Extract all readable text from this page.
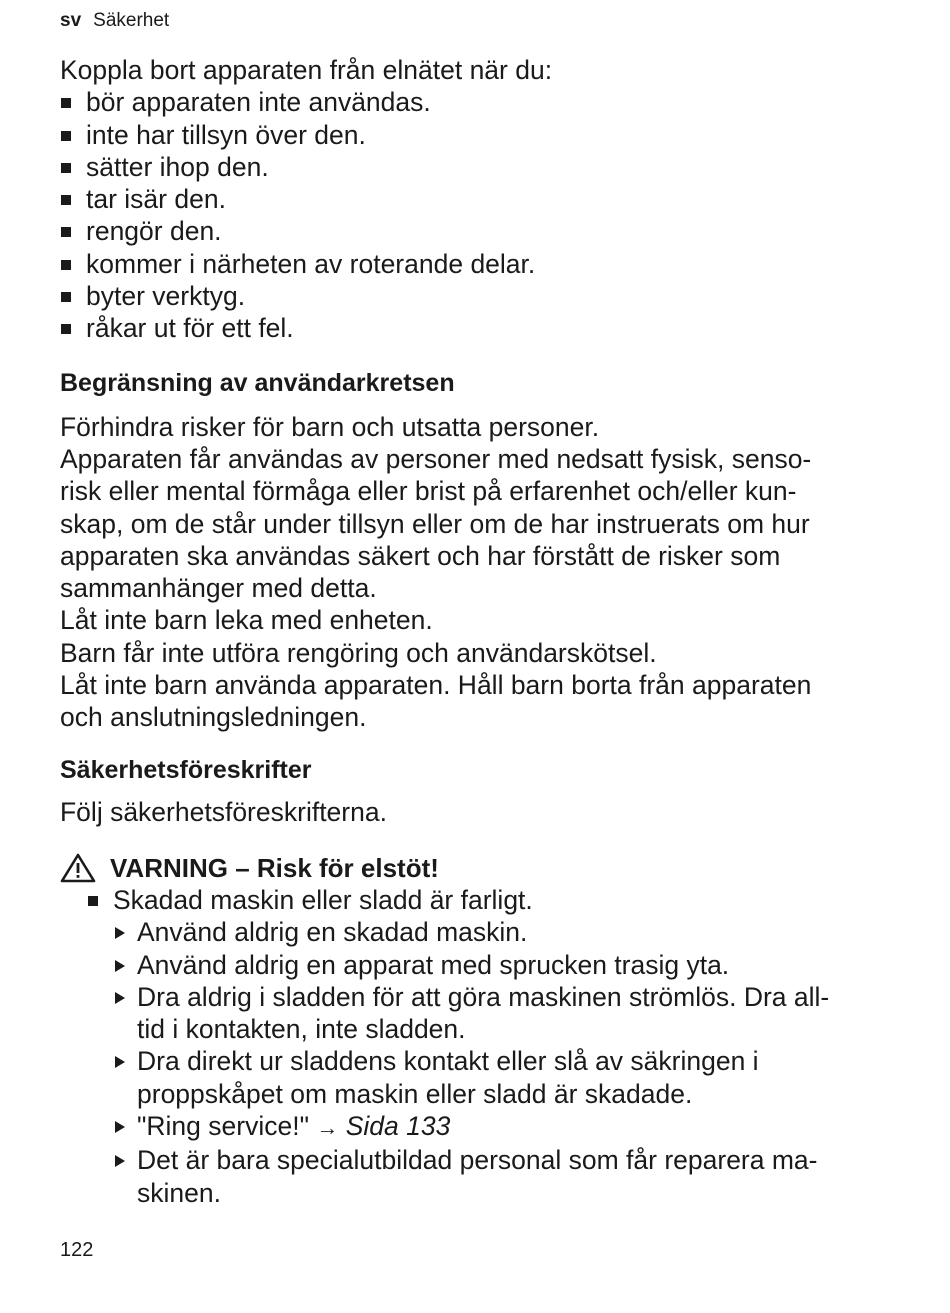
sv Säkerhet

Koppla bort apparaten från elnätet när du:

bör apparaten inte användas.
inte har tillsyn över den.
sätter ihop den.
tar isär den.
rengör den.
kommer i närheten av roterande delar.
byter verktyg.
råkar ut för ett fel.
Begränsning av användarkretsen

Förhindra risker för barn och utsatta personer.

Apparaten får användas av personer med nedsatt fysisk, senso-

risk eller mental förmåga eller brist på erfarenhet och/eller kun-

skap, om de står under tillsyn eller om de har instruerats om hur

apparaten ska användas säkert och har förstått de risker som

sammanhänger med detta.

Låt inte barn leka med enheten.

Barn får inte utföra rengöring och användarskötsel.

Låt inte barn använda apparaten. Håll barn borta från apparaten

och anslutningsledningen.

Säkerhetsföreskrifter

Följ säkerhetsföreskrifterna.

VARNING – Risk för elstöt!
Skadad maskin eller sladd är farligt.
Använd aldrig en skadad maskin.
Använd aldrig en apparat med sprucken trasig yta.
Dra aldrig i sladden för att göra maskinen strömlös. Dra all-
tid i kontakten, inte sladden.
Dra direkt ur sladdens kontakt eller slå av säkringen i
proppskåpet om maskin eller sladd är skadade.
"Ring service!" → Sida 133
Det är bara specialutbildad personal som får reparera ma-
skinen.
122
